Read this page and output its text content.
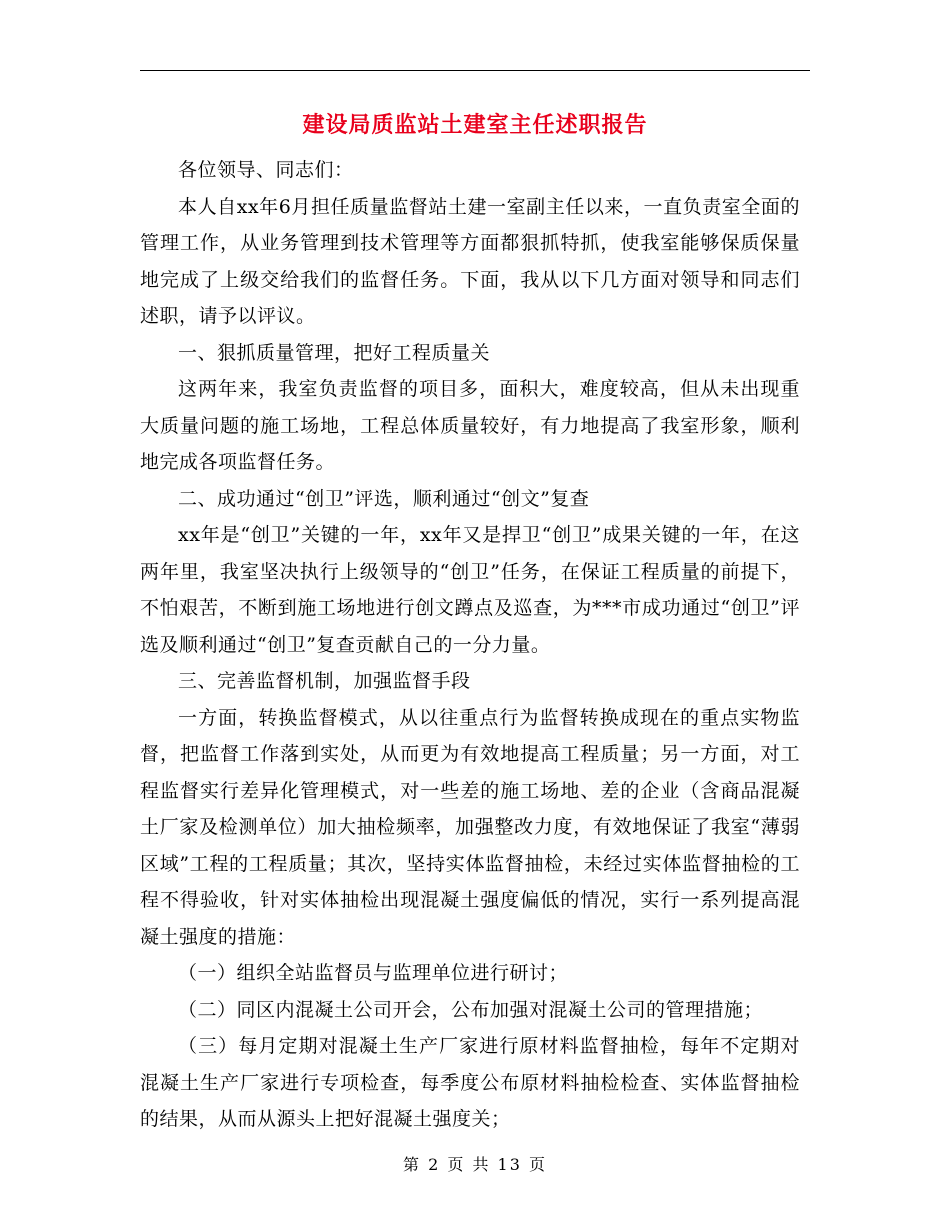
建设局质监站土建室主任述职报告

各位领导、同志们：

本人自xx年6月担任质量监督站土建一室副主任以来，一直负责室全面的管理工作，从业务管理到技术管理等方面都狠抓特抓，使我室能够保质保量地完成了上级交给我们的监督任务。下面，我从以下几方面对领导和同志们述职，请予以评议。

一、狠抓质量管理，把好工程质量关

这两年来，我室负责监督的项目多，面积大，难度较高，但从未出现重大质量问题的施工场地，工程总体质量较好，有力地提高了我室形象，顺利地完成各项监督任务。

二、成功通过“创卫”评选，顺利通过“创文”复查

xx年是“创卫”关键的一年，xx年又是捍卫“创卫”成果关键的一年，在这两年里，我室坚决执行上级领导的“创卫”任务，在保证工程质量的前提下，不怕艰苦，不断到施工场地进行创文蹲点及巡查，为***市成功通过“创卫”评选及顺利通过“创卫”复查贡献自己的一分力量。

三、完善监督机制，加强监督手段

一方面，转换监督模式，从以往重点行为监督转换成现在的重点实物监督，把监督工作落到实处，从而更为有效地提高工程质量；另一方面，对工程监督实行差异化管理模式，对一些差的施工场地、差的企业（含商品混凝土厂家及检测单位）加大抽检频率，加强整改力度，有效地保证了我室“薄弱区域”工程的工程质量；其次，坚持实体监督抽检，未经过实体监督抽检的工程不得验收，针对实体抽检出现混凝土强度偏低的情况，实行一系列提高混凝土强度的措施：

（一）组织全站监督员与监理单位进行研讨；

（二）同区内混凝土公司开会，公布加强对混凝土公司的管理措施；

（三）每月定期对混凝土生产厂家进行原材料监督抽检，每年不定期对混凝土生产厂家进行专项检查，每季度公布原材料抽检检查、实体监督抽检的结果，从而从源头上把好混凝土强度关；

第 2 页 共 13 页
